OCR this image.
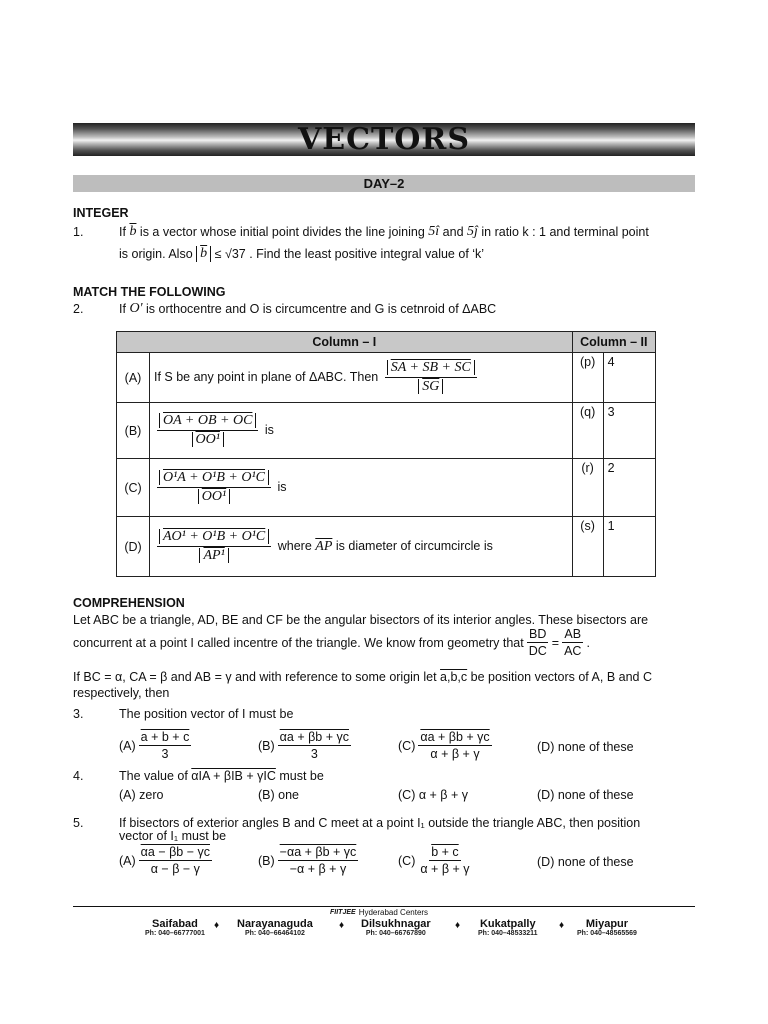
VECTORS
DAY–2
INTEGER
1.	If
$\overline{b}$
is a vector whose initial point divides the line joining
5î
and
5ĵ
in ratio k : 1 and terminal point
is origin. Also
$\overline{b}$
≤ √37
. Find the least positive integral value of ‘k’
MATCH THE FOLLOWING
2.	If
O'
is orthocentre and O is circumcentre and G is cetnroid of ΔABC
Column – I		Column – II	
(A)	If S be any point in plane of ΔABC. Then $\frac{SA + SB + SC}{SG}$	(p)	4
(B)	$\frac{OA + OB + OC}{\text{OO¹}}$ is	(q)	3
(C)	$\frac{\text{O¹A + O¹B + O¹C}}{\text{OO¹}}$ is	(r)	2
(D)	$\frac{\text{AO¹ + O¹B + O¹C}}{\text{AP¹}}$ where $\overline{AP}$ is diameter of circumcircle is	(s)	1
COMPREHENSION
Let ABC be a triangle, AD, BE and CF be the angular bisectors of its interior angles. These bisectors are
concurrent at a point I called incentre of the triangle. We know from geometry that $\frac{BD}{DC} = \frac{AB}{AC}$ .
If BC = α, CA = β and AB = γ and with reference to some origin let
a,b,c
be position vectors of A, B and C
respectively, then
3.	The position vector of I must be
$(A) \frac{a + b + c}{3}$	$(B) \frac{\alpha a + \beta b + \gamma c}{3}$	$(C) \frac{\alpha a + \beta b + \gamma c}{\alpha + \beta + \gamma}$	(D) none of these
4.	The value of
αIA + βIB + γIC
must be
(A) zero	(B) one	(C) α + β + γ	(D) none of these
5.	If bisectors of exterior angles B and C meet at a point I₁ outside the triangle ABC, then position
vector of I₁ must be
$(A) \frac{\alpha a - \beta b - \gamma c}{\alpha - \beta - \gamma}$	$(B) \frac{-\alpha a + \beta b + \gamma c}{-\alpha + \beta + \gamma}$	$(C) \frac{b + c}{\alpha + \beta + \gamma}$	(D) none of these
FIITJEE Hyderabad Centers
Saifabad
Ph: 040–66777001
♦ Narayanaguda
Ph: 040–66464102
♦ Dilsukhnagar
Ph: 040–66767890
♦ Kukatpally
Ph: 040–48533211
♦	Miyapur
Ph: 040–48565569
